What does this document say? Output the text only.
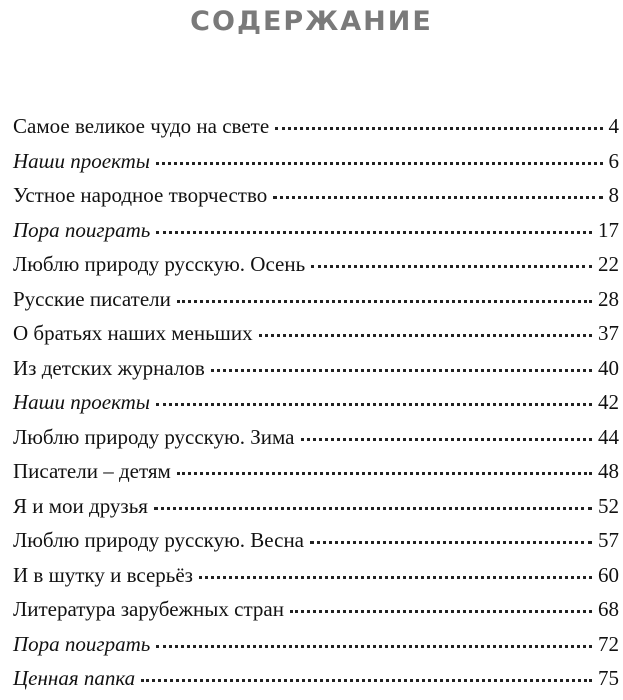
СОДЕРЖАНИЕ
Самое великое чудо на свете	4
Наши проекты	6
Устное народное творчество	8
Пора поиграть	17
Люблю природу русскую. Осень	22
Русские писатели	28
О братьях наших меньших	37
Из детских журналов	40
Наши проекты	42
Люблю природу русскую. Зима	44
Писатели – детям	48
Я и мои друзья	52
Люблю природу русскую. Весна	57
И в шутку и всерьёз	60
Литература зарубежных стран	68
Пора поиграть	72
Ценная папка	75
